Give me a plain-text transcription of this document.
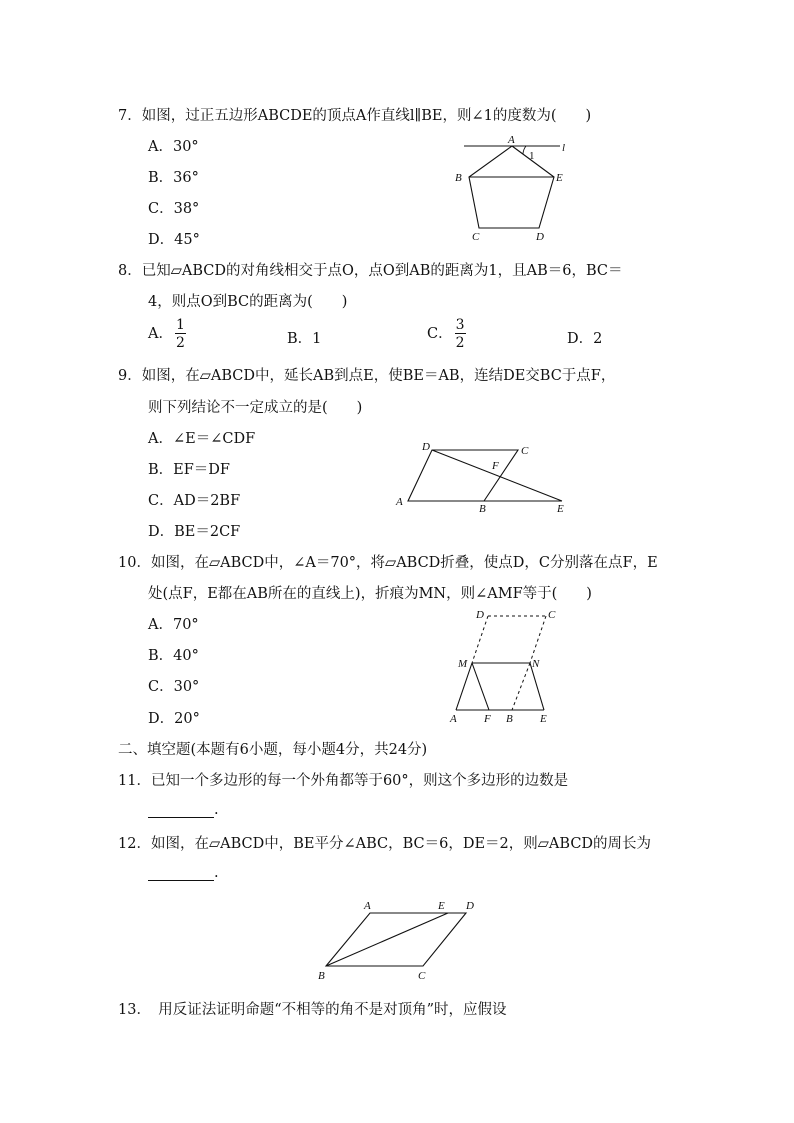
7．如图，过正五边形ABCDE的顶点A作直线l∥BE，则∠1的度数为(　　)
A．30°
B．36°
C．38°
D．45°
A
1
l
B	E
C	D
8．已知▱ABCD的对角线相交于点O，点O到AB的距离为1，且AB＝6，BC＝
4，则点O到BC的距离为(　　)
A． $\frac{1}{2}$	B．1	C． $\frac{3}{2}$	D．2
9．如图，在▱ABCD中，延长AB到点E，使BE＝AB，连结DE交BC于点F，
则下列结论不一定成立的是(　　)
A．∠E＝∠CDF
B．EF＝DF
C．AD＝2BF
D．BE＝2CF
D	C
F
A
B	E
10．如图，在▱ABCD中，∠A＝70°，将▱ABCD折叠，使点D，C分别落在点F，E
处(点F，E都在AB所在的直线上)，折痕为MN，则∠AMF等于(　　)
A．70°
B．40°
C．30°
D．20°
D	C
M	N
A F B E
二、填空题(本题有6小题，每小题4分，共24分)
11．已知一个多边形的每一个外角都等于60°，则这个多边形的边数是
.
12．如图，在▱ABCD中，BE平分∠ABC，BC＝6，DE＝2，则▱ABCD的周长为
.
A	E D
B	C
13．　用反证法证明命题“不相等的角不是对顶角”时，应假设
